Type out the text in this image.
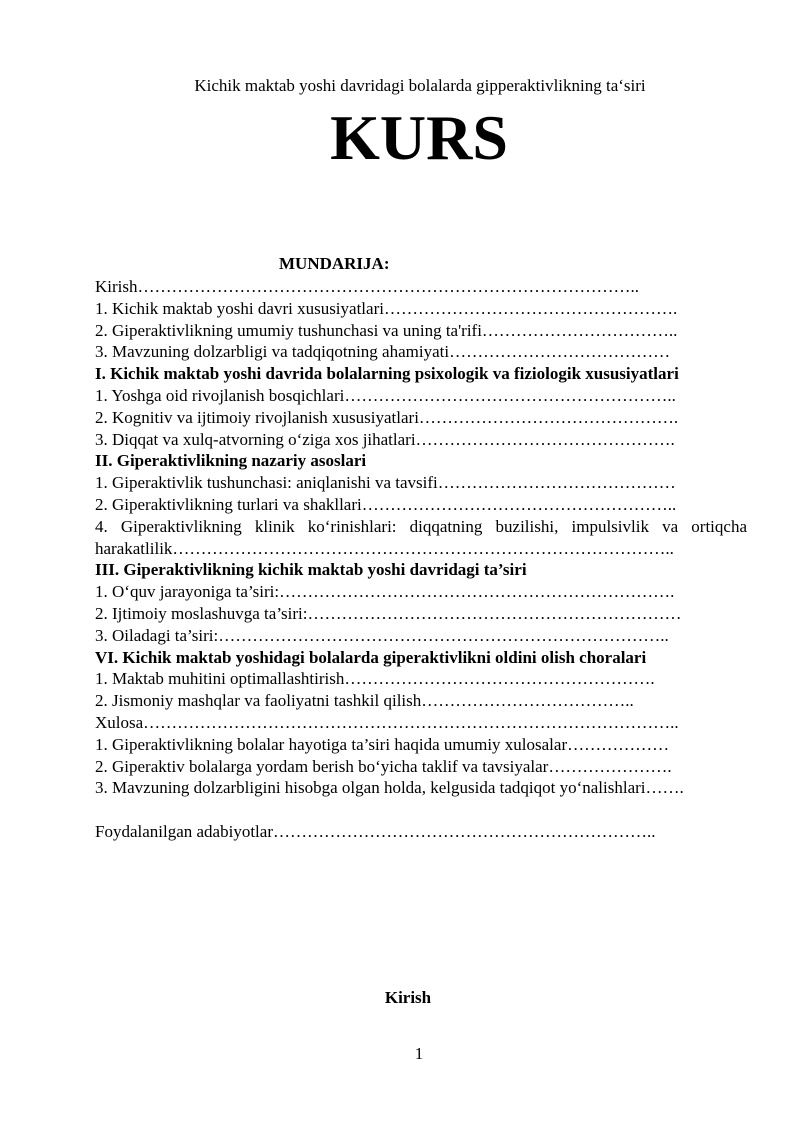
Kichik maktab yoshi davridagi bolalarda gipperaktivlikning ta‘siri
KURS
MUNDARIJA:
Kirish……………………………………………………………………………..
1. Kichik maktab yoshi davri xususiyatlari…………………………………………….
2. Giperaktivlikning umumiy tushunchasi va uning ta'rifi……………………………..
3. Mavzuning dolzarbligi va tadqiqotning ahamiyati…………………………………
I. Kichik maktab yoshi davrida bolalarning psixologik va fiziologik xususiyatlari
1. Yoshga oid rivojlanish bosqichlari…………………………………………………..
2. Kognitiv va ijtimoiy rivojlanish xususiyatlari……………………………………….
3. Diqqat va xulq-atvorning o‘ziga xos jihatlari……………………………………….
II. Giperaktivlikning nazariy asoslari
1. Giperaktivlik tushunchasi: aniqlanishi va tavsifi……………………………………
2. Giperaktivlikning turlari va shakllari………………………………………………..
4. Giperaktivlikning klinik ko‘rinishlari: diqqatning buzilishi, impulsivlik va ortiqcha harakatlilik……………………………………………………………………………..
III. Giperaktivlikning kichik maktab yoshi davridagi ta’siri
1. O‘quv jarayoniga ta’siri:…………………………………………………………….
2. Ijtimoiy moslashuvga ta’siri:…………………………………………………………
3. Oiladagi ta’siri:……………………………………………………………………..
VI. Kichik maktab yoshidagi bolalarda giperaktivlikni oldini olish choralari
1. Maktab muhitini optimallashtirish……………………………………………….
2. Jismoniy mashqlar va faoliyatni tashkil qilish………………………………..
Xulosa…………………………………………………………………………………..
1. Giperaktivlikning bolalar hayotiga ta’siri haqida umumiy xulosalar………………
2. Giperaktiv bolalarga yordam berish bo‘yicha taklif va tavsiyalar………………….
3. Mavzuning dolzarbligini hisobga olgan holda, kelgusida tadqiqot yo‘nalishlari…….
Foydalanilgan adabiyotlar…………………………………………………………..
Kirish
1
